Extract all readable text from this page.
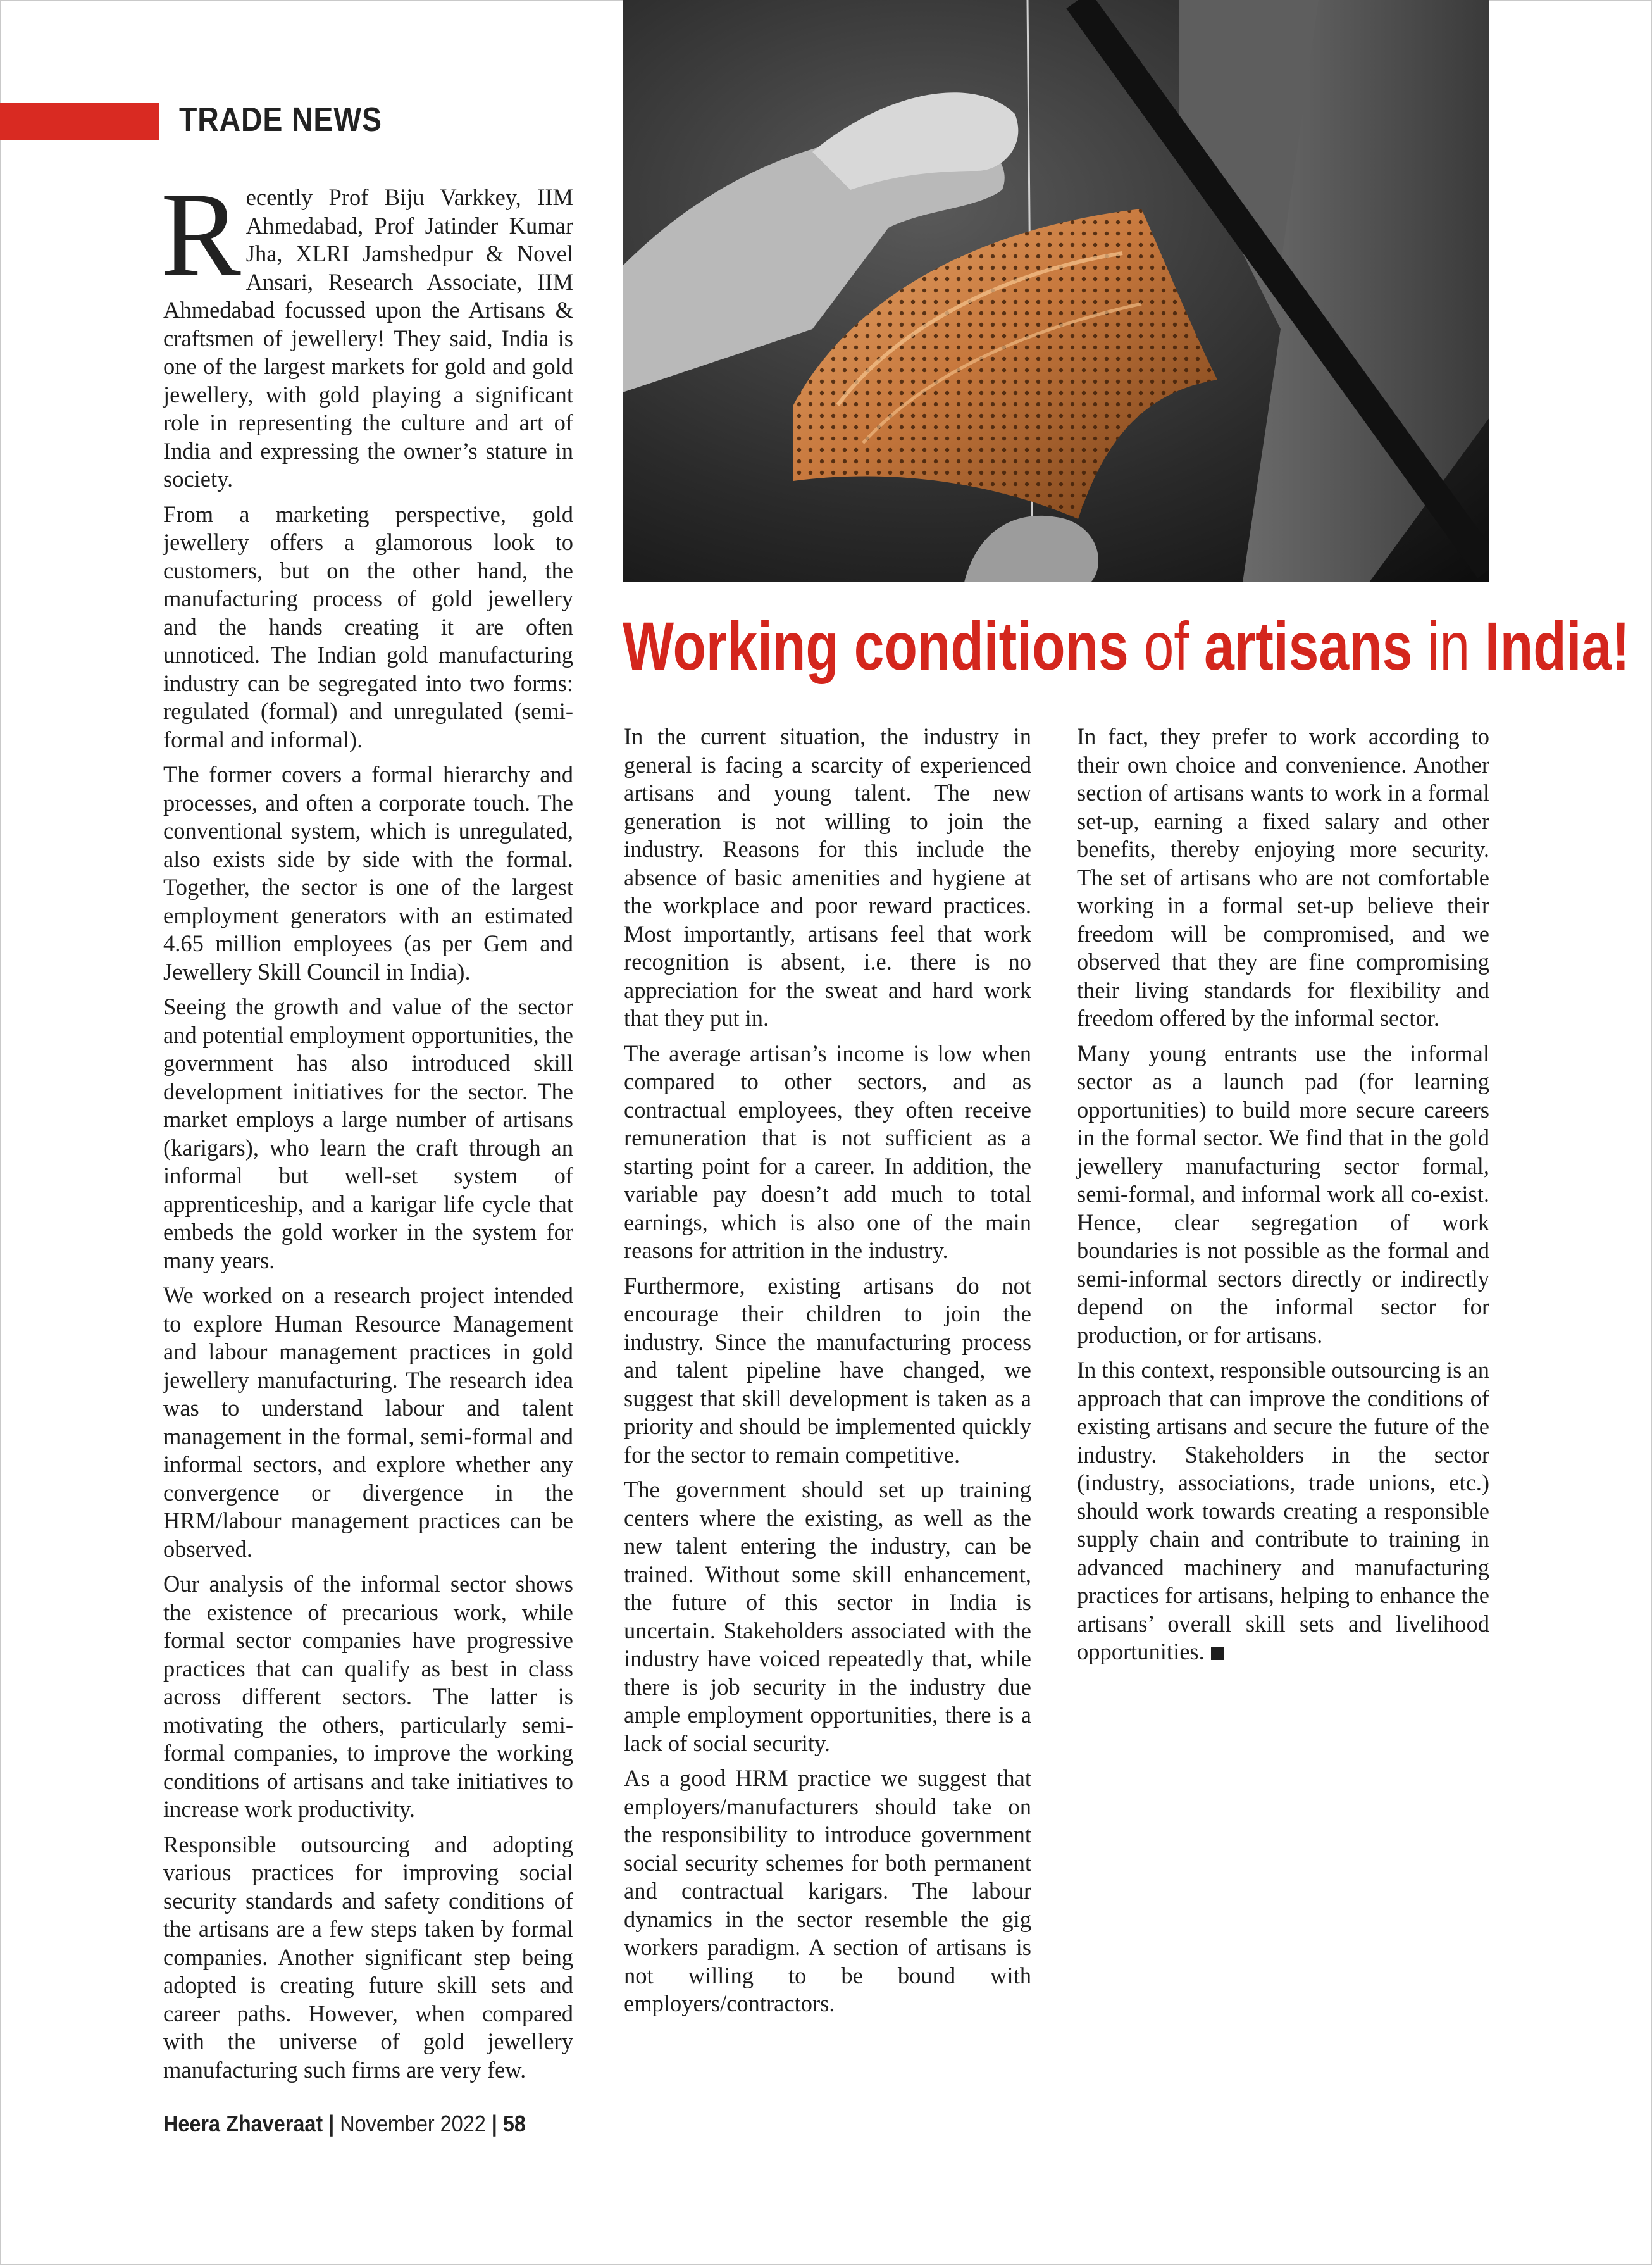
TRADE NEWS
Working conditions of artisans in India!

Recently Prof Biju Varkkey, IIM Ahmedabad, Prof Jatinder Kumar Jha, XLRI Jamshedpur & Novel Ansari, Research Associate, IIM Ahmedabad focussed upon the Artisans & craftsmen of jewellery! They said, India is one of the largest markets for gold and gold jewellery, with gold playing a significant role in representing the culture and art of India and expressing the owner’s stature in society.

From a marketing perspective, gold jewellery offers a glamorous look to customers, but on the other hand, the manufacturing process of gold jewellery and the hands creating it are often unnoticed. The Indian gold manufacturing industry can be segregated into two forms: regulated (formal) and unregulated (semi-formal and informal).

The former covers a formal hierarchy and processes, and often a corporate touch. The conventional system, which is unregulated, also exists side by side with the formal. Together, the sector is one of the largest employment generators with an estimated 4.65 million employees (as per Gem and Jewellery Skill Council in India).

Seeing the growth and value of the sector and potential employment opportunities, the government has also introduced skill development initiatives for the sector. The market employs a large number of artisans (karigars), who learn the craft through an informal but well-set system of apprenticeship, and a karigar life cycle that embeds the gold worker in the system for many years.

We worked on a research project intended to explore Human Resource Management and labour management practices in gold jewellery manufacturing. The research idea was to understand labour and talent management in the formal, semi-formal and informal sectors, and explore whether any convergence or divergence in the HRM/labour management practices can be observed.

Our analysis of the informal sector shows the existence of precarious work, while formal sector companies have progressive practices that can qualify as best in class across different sectors. The latter is motivating the others, particularly semi-formal companies, to improve the working conditions of artisans and take initiatives to increase work productivity.

Responsible outsourcing and adopting various practices for improving social security standards and safety conditions of the artisans are a few steps taken by formal companies. Another significant step being adopted is creating future skill sets and career paths. However, when compared with the universe of gold jewellery manufacturing such firms are very few.

In the current situation, the industry in general is facing a scarcity of experienced artisans and young talent. The new generation is not willing to join the industry. Reasons for this include the absence of basic amenities and hygiene at the workplace and poor reward practices. Most importantly, artisans feel that work recognition is absent, i.e. there is no appreciation for the sweat and hard work that they put in.

The average artisan’s income is low when compared to other sectors, and as contractual employees, they often receive remuneration that is not sufficient as a starting point for a career. In addition, the variable pay doesn’t add much to total earnings, which is also one of the main reasons for attrition in the industry.

Furthermore, existing artisans do not encourage their children to join the industry. Since the manufacturing process and talent pipeline have changed, we suggest that skill development is taken as a priority and should be implemented quickly for the sector to remain competitive.

The government should set up training centers where the existing, as well as the new talent entering the industry, can be trained. Without some skill enhancement, the future of this sector in India is uncertain. Stakeholders associated with the industry have voiced repeatedly that, while there is job security in the industry due ample employment opportunities, there is a lack of social security.

As a good HRM practice we suggest that employers/manufacturers should take on the responsibility to introduce government social security schemes for both permanent and contractual karigars. The labour dynamics in the sector resemble the gig workers paradigm. A section of artisans is not willing to be bound with employers/contractors.

In fact, they prefer to work according to their own choice and convenience. Another section of artisans wants to work in a formal set-up, earning a fixed salary and other benefits, thereby enjoying more security. The set of artisans who are not comfortable working in a formal set-up believe their freedom will be compromised, and we observed that they are fine compromising their living standards for flexibility and freedom offered by the informal sector.

Many young entrants use the informal sector as a launch pad (for learning opportunities) to build more secure careers in the formal sector. We find that in the gold jewellery manufacturing sector formal, semi-formal, and informal work all co-exist. Hence, clear segregation of work boundaries is not possible as the formal and semi-informal sectors directly or indirectly depend on the informal sector for production, or for artisans.

In this context, responsible outsourcing is an approach that can improve the conditions of existing artisans and secure the future of the industry. Stakeholders in the sector (industry, associations, trade unions, etc.) should work towards creating a responsible supply chain and contribute to training in advanced machinery and manufacturing practices for artisans, helping to enhance the artisans’ overall skill sets and livelihood opportunities.

Heera Zhaveraat | November 2022 | 58
